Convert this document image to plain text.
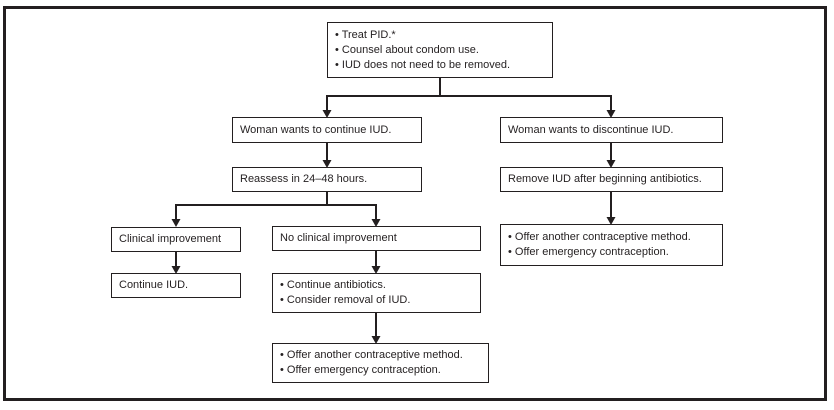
• Treat PID.*
• Counsel about condom use.
• IUD does not need to be removed.
Woman wants to continue IUD.	Woman wants to discontinue IUD.
Reassess in 24–48 hours.	Remove IUD after beginning antibiotics.
Clinical improvement	No clinical improvement	• Offer another contraceptive method.
• Offer emergency contraception.
Continue IUD.	• Continue antibiotics.
• Consider removal of IUD.
• Offer another contraceptive method.
• Offer emergency contraception.
